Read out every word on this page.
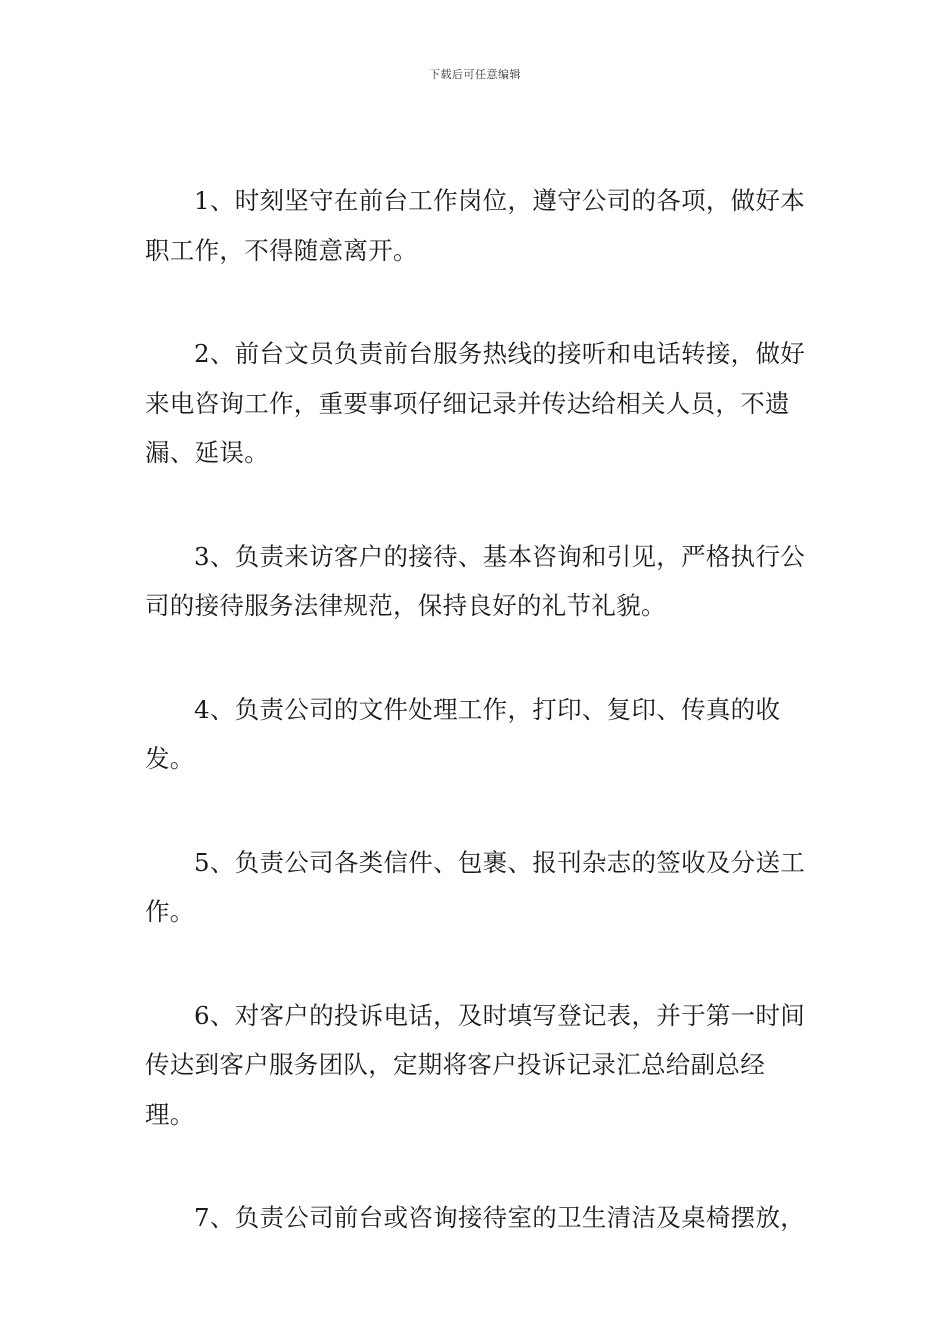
下载后可任意编辑

1、时刻坚守在前台工作岗位，遵守公司的各项，做好本职工作，不得随意离开。

2、前台文员负责前台服务热线的接听和电话转接，做好来电咨询工作，重要事项仔细记录并传达给相关人员，不遗漏、延误。

3、负责来访客户的接待、基本咨询和引见，严格执行公司的接待服务法律规范，保持良好的礼节礼貌。

4、负责公司的文件处理工作，打印、复印、传真的收发。

5、负责公司各类信件、包裹、报刊杂志的签收及分送工作。

6、对客户的投诉电话，及时填写登记表，并于第一时间传达到客户服务团队，定期将客户投诉记录汇总给副总经理。

7、负责公司前台或咨询接待室的卫生清洁及桌椅摆放，
